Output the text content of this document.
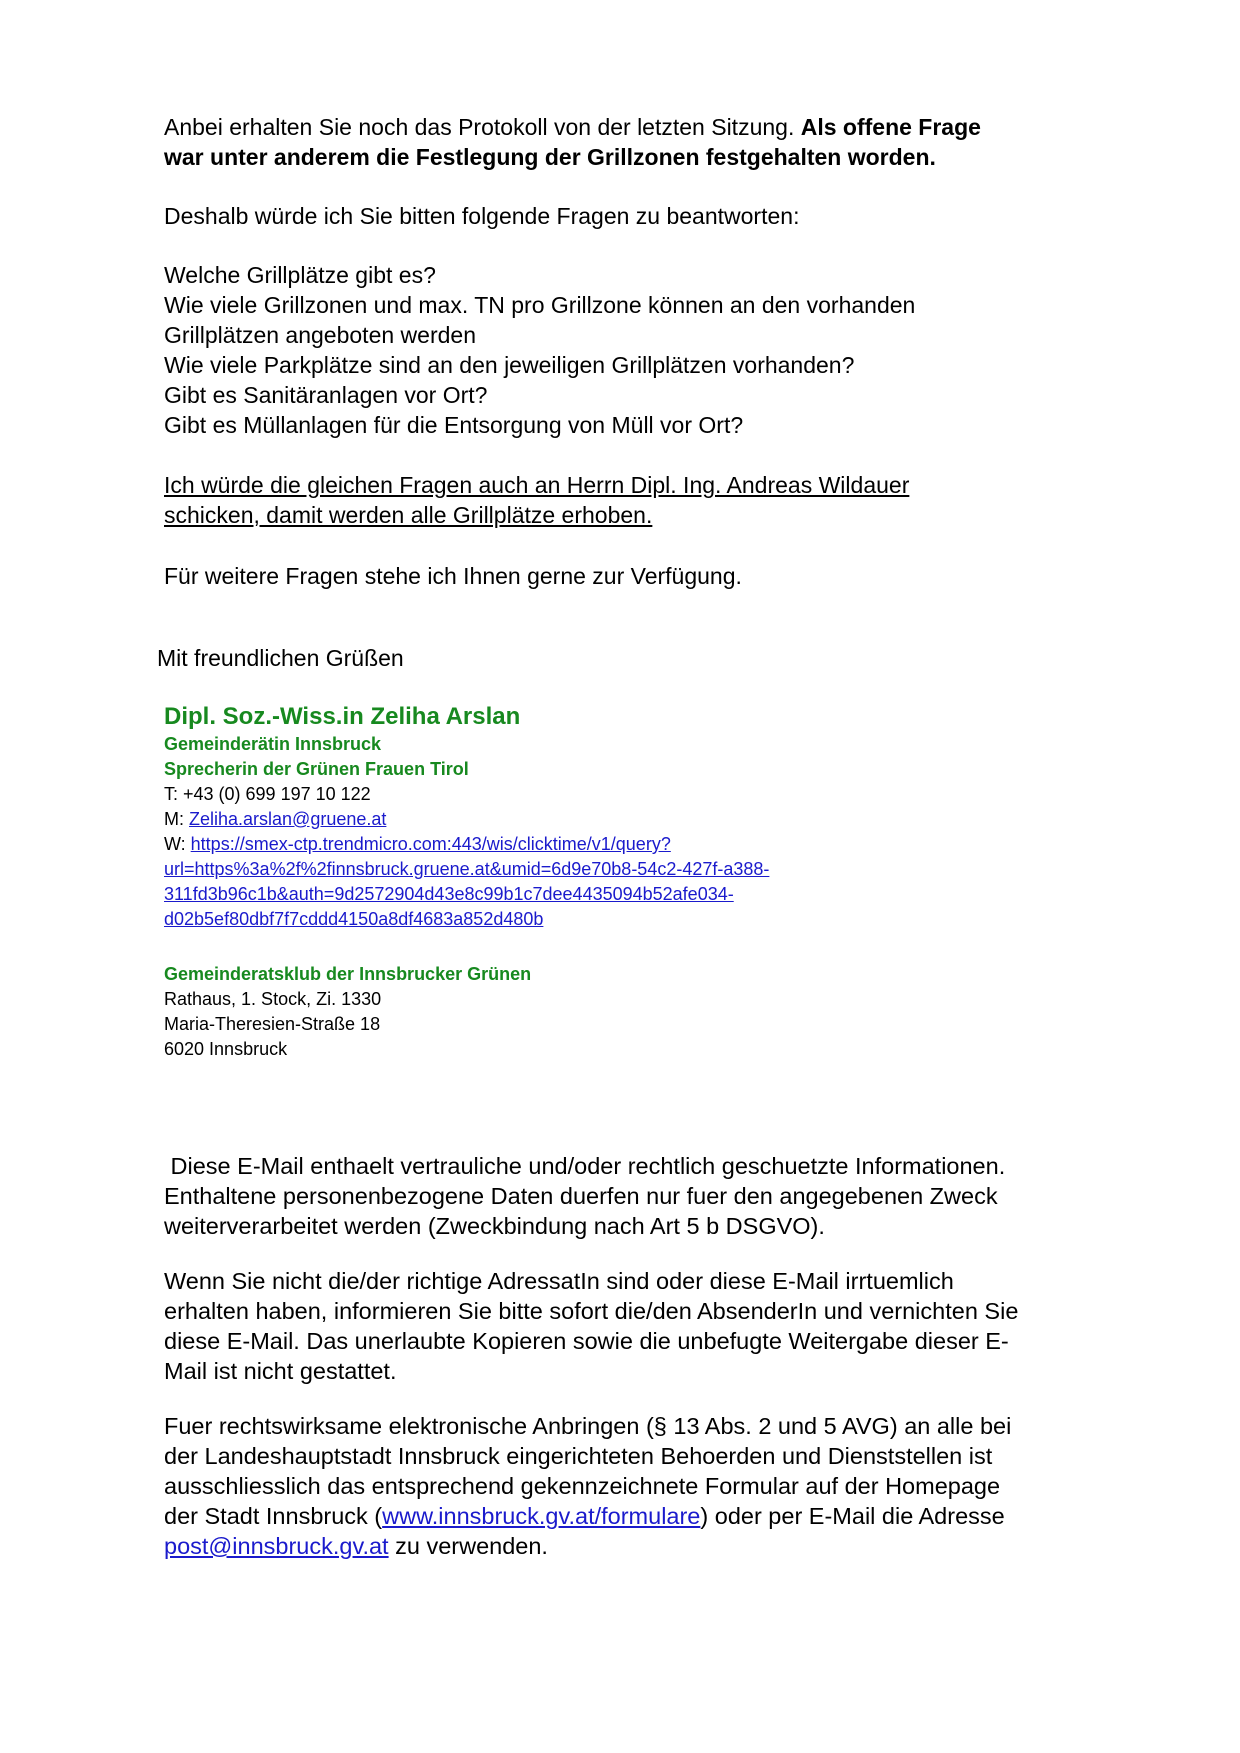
Anbei erhalten Sie noch das Protokoll von der letzten Sitzung. Als offene Frage
war unter anderem die Festlegung der Grillzonen festgehalten worden.
Deshalb würde ich Sie bitten folgende Fragen zu beantworten:
Welche Grillplätze gibt es?
Wie viele Grillzonen und max. TN pro Grillzone können an den vorhanden
Grillplätzen angeboten werden
Wie viele Parkplätze sind an den jeweiligen Grillplätzen vorhanden?
Gibt es Sanitäranlagen vor Ort?
Gibt es Müllanlagen für die Entsorgung von Müll vor Ort?
Ich würde die gleichen Fragen auch an Herrn Dipl. Ing. Andreas Wildauer
schicken, damit werden alle Grillplätze erhoben.
Für weitere Fragen stehe ich Ihnen gerne zur Verfügung.
Mit freundlichen Grüßen
Dipl. Soz.-Wiss.in Zeliha Arslan
Gemeinderätin Innsbruck
Sprecherin der Grünen Frauen Tirol
T: +43 (0) 699 197 10 122
M: Zeliha.arslan@gruene.at
W: https://smex-ctp.trendmicro.com:443/wis/clicktime/v1/query?
url=https%3a%2f%2finnsbruck.gruene.at&umid=6d9e70b8-54c2-427f-a388-
311fd3b96c1b&auth=9d2572904d43e8c99b1c7dee4435094b52afe034-
d02b5ef80dbf7f7cddd4150a8df4683a852d480b
Gemeinderatsklub der Innsbrucker Grünen
Rathaus, 1. Stock, Zi. 1330
Maria-Theresien-Straße 18
6020 Innsbruck
Diese E-Mail enthaelt vertrauliche und/oder rechtlich geschuetzte Informationen.
Enthaltene personenbezogene Daten duerfen nur fuer den angegebenen Zweck
weiterverarbeitet werden (Zweckbindung nach Art 5 b DSGVO).
Wenn Sie nicht die/der richtige AdressatIn sind oder diese E-Mail irrtuemlich
erhalten haben, informieren Sie bitte sofort die/den AbsenderIn und vernichten Sie
diese E-Mail. Das unerlaubte Kopieren sowie die unbefugte Weitergabe dieser E-
Mail ist nicht gestattet.
Fuer rechtswirksame elektronische Anbringen (§ 13 Abs. 2 und 5 AVG) an alle bei
der Landeshauptstadt Innsbruck eingerichteten Behoerden und Dienststellen ist
ausschliesslich das entsprechend gekennzeichnete Formular auf der Homepage
der Stadt Innsbruck (www.innsbruck.gv.at/formulare) oder per E-Mail die Adresse
post@innsbruck.gv.at zu verwenden.
